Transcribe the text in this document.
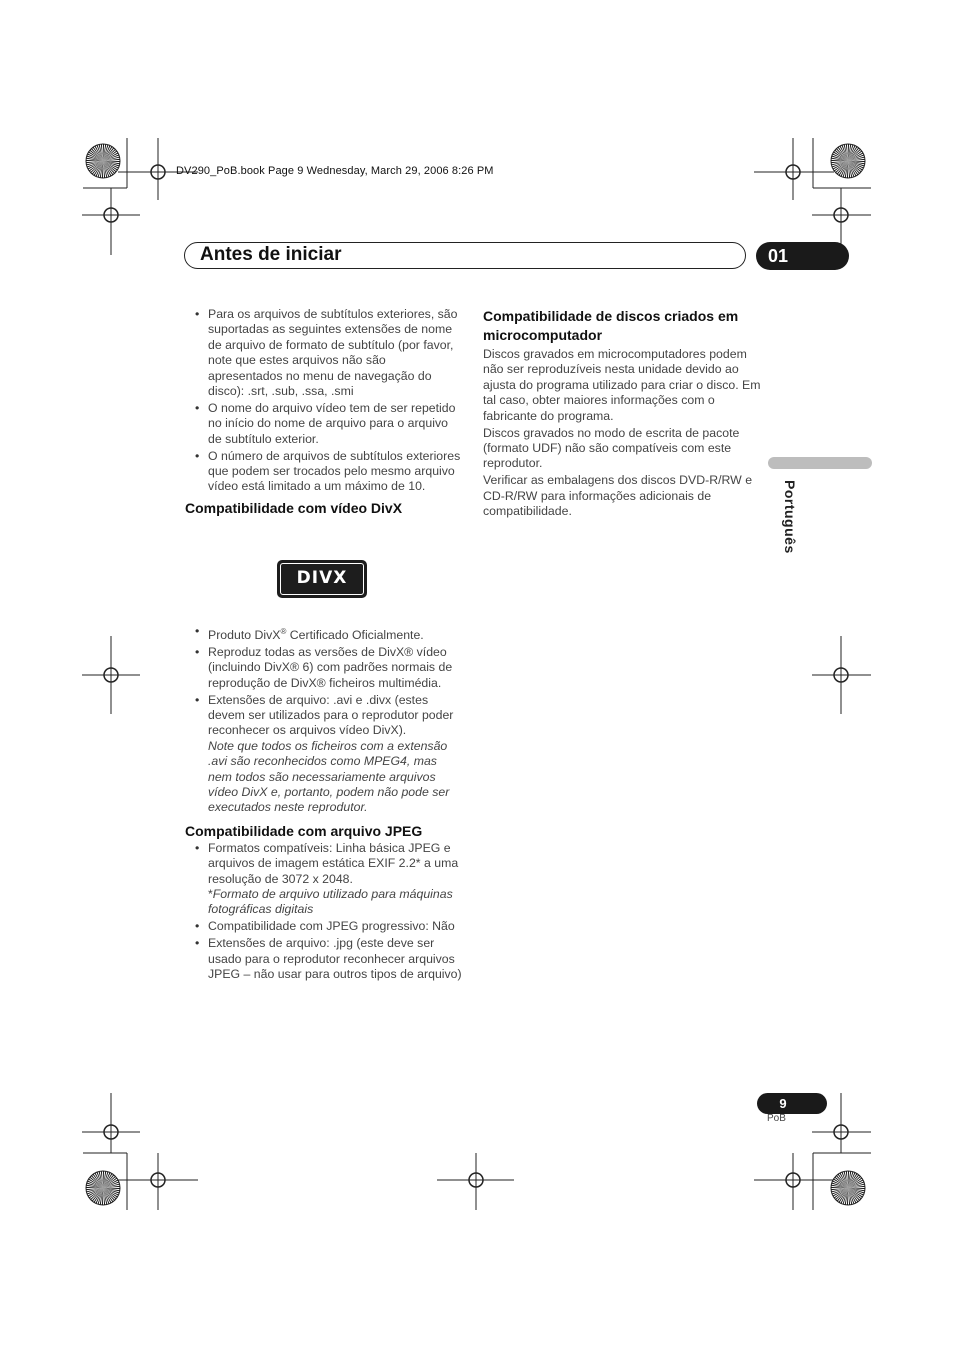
DV290_PoB.book Page 9 Wednesday, March 29, 2006 8:26 PM
Antes de iniciar	01
Português
• Para os arquivos de subtítulos exteriores, são suportadas as seguintes extensões de nome de arquivo de formato de subtítulo (por favor, note que estes arquivos não são apresentados no menu de navegação do disco): .srt, .sub, .ssa, .smi
• O nome do arquivo vídeo tem de ser repetido no início do nome de arquivo para o arquivo de subtítulo exterior.
• O número de arquivos de subtítulos exteriores que podem ser trocados pelo mesmo arquivo vídeo está limitado a um máximo de 10.
Compatibilidade com vídeo DivX
DIVX
• Produto DivX® Certificado Oficialmente.
• Reproduz todas as versões de DivX® vídeo (incluindo DivX® 6) com padrões normais de reprodução de DivX® ficheiros multimédia.
• Extensões de arquivo: .avi e .divx (estes devem ser utilizados para o reprodutor poder reconhecer os arquivos vídeo DivX).
Note que todos os ficheiros com a extensão .avi são reconhecidos como MPEG4, mas nem todos são necessariamente arquivos vídeo DivX e, portanto, podem não pode ser executados neste reprodutor.
Compatibilidade com arquivo JPEG
• Formatos compatíveis: Linha básica JPEG e arquivos de imagem estática EXIF 2.2* a uma resolução de 3072 x 2048.
*Formato de arquivo utilizado para máquinas fotográficas digitais
• Compatibilidade com JPEG progressivo: Não
• Extensões de arquivo: .jpg (este deve ser usado para o reprodutor reconhecer arquivos JPEG – não usar para outros tipos de arquivo)
Compatibilidade de discos criados em microcomputador

Discos gravados em microcomputadores podem não ser reproduzíveis nesta unidade devido ao ajusta do programa utilizado para criar o disco. Em tal caso, obter maiores informações com o fabricante do programa.

Discos gravados no modo de escrita de pacote (formato UDF) não são compatíveis com este reprodutor.

Verificar as embalagens dos discos DVD-R/RW e CD-R/RW para informações adicionais de compatibilidade.

9
PoB
